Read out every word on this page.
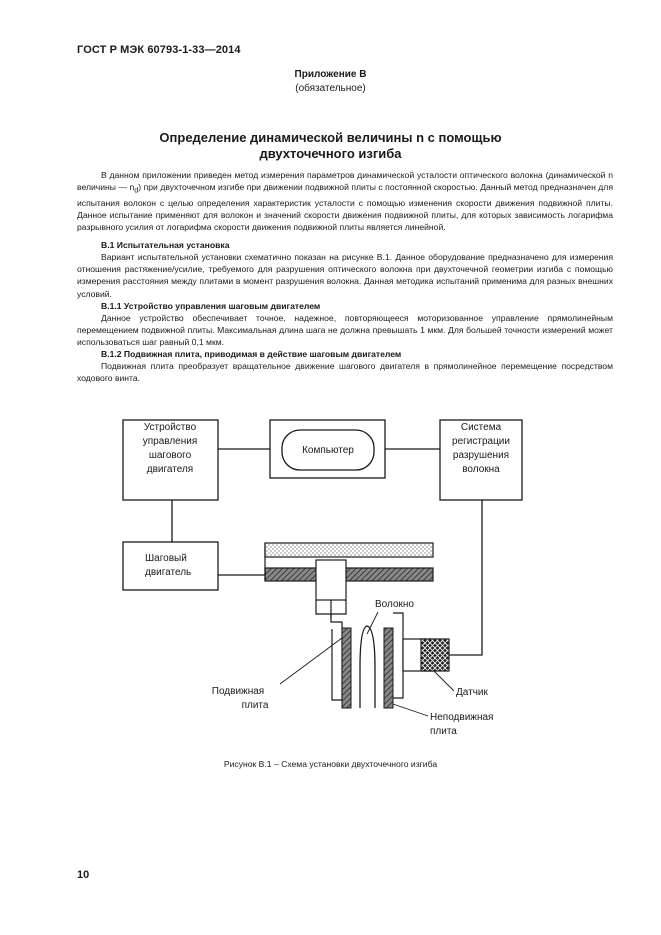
ГОСТ Р МЭК 60793-1-33—2014
Приложение В
(обязательное)
Определение динамической величины n с помощью
двухточечного изгиба

В данном приложении приведен метод измерения параметров динамической усталости оптического волокна (динамической n величины — $n_d$) при двухточечном изгибе при движении подвижной плиты с постоянной скоростью. Данный метод предназначен для испытания волокон с целью определения характеристик усталости с помощью изменения скорости движения подвижной плиты. Данное испытание применяют для волокон и значений скорости движения подвижной плиты, для которых зависимость логарифма разрывного усилия от логарифма скорости движения подвижной плиты является линейной.

В.1 Испытательная установка

Вариант испытательной установки схематично показан на рисунке В.1. Данное оборудование предназначено для измерения отношения растяжение/усилие, требуемого для разрушения оптического волокна при двухточечной геометрии изгиба с помощью измерения расстояния между плитами в момент разрушения волокна. Данная методика испытаний применима для разных внешних условий.

В.1.1 Устройство управления шаговым двигателем

Данное устройство обеспечивает точное, надежное, повторяющееся моторизованное управление прямолинейным перемещением подвижной плиты. Максимальная длина шага не должна превышать 1 мкм. Для большей точности измерений может использоваться шаг равный 0,1 мкм.

В.1.2 Подвижная плита, приводимая в действие шаговым двигателем

Подвижная плита преобразует вращательное движение шагового двигателя в прямолинейное перемещение посредством ходового винта.

Устройство
управления
шагового
двигателя
Компьютер
Система
регистрации
разрушения
волокна
Шаговый
двигатель
Волокно
Подвижная
плита
Датчик
Неподвижная
плита
Рисунок В.1 – Схема установки двухточечного изгиба
10
